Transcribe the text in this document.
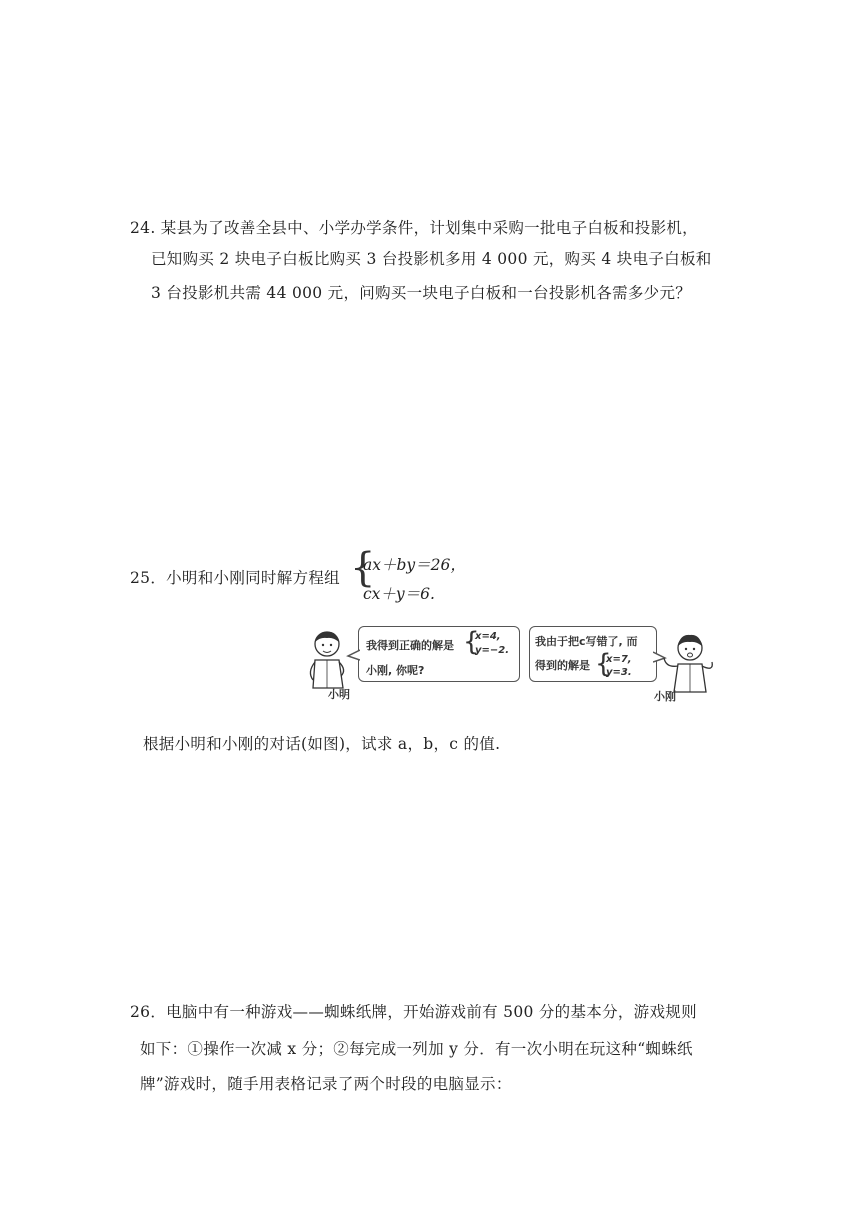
24. 某县为了改善全县中、小学办学条件，计划集中采购一批电子白板和投影机，
已知购买 2 块电子白板比购买 3 台投影机多用 4 000 元，购买 4 块电子白板和
3 台投影机共需 44 000 元，问购买一块电子白板和一台投影机各需多少元？
25．小明和小刚同时解方程组 {
ax＋by＝26，
cx＋y＝6.
小明
我得到正确的解是 {
x=4,
y=−2.
小刚, 你呢?
我由于把c写错了, 而
得到的解是 {
x=7,
y=3.
小刚
根据小明和小刚的对话(如图)，试求 a，b，c 的值.
26．电脑中有一种游戏——蜘蛛纸牌，开始游戏前有 500 分的基本分，游戏规则
如下：①操作一次减 x 分；②每完成一列加 y 分．有一次小明在玩这种“蜘蛛纸
牌”游戏时，随手用表格记录了两个时段的电脑显示：
